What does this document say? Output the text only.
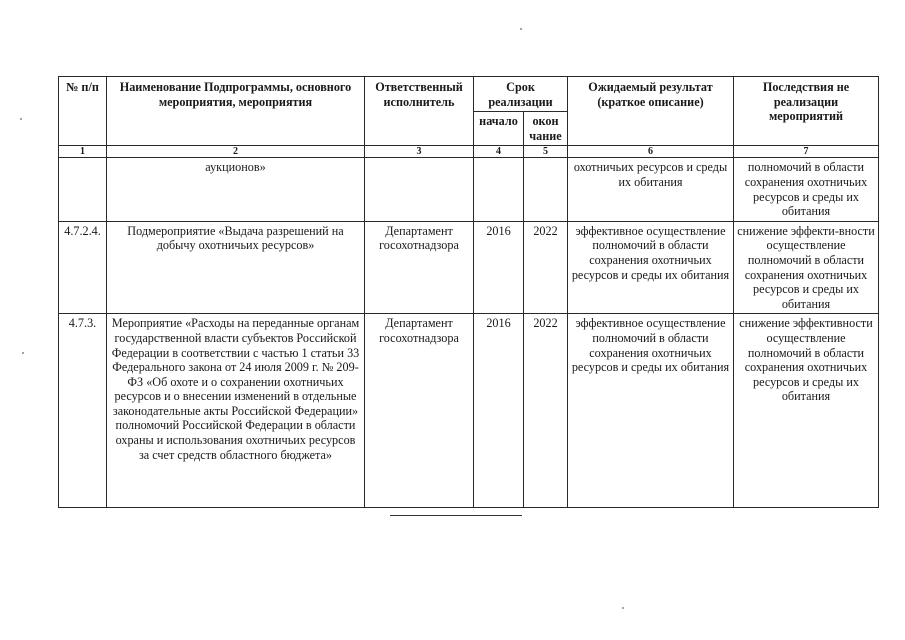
№ п/п	Наименование Подпрограммы, основного мероприятия, мероприятия	Ответственный исполнитель	Срок реализации		Ожидаемый результат (краткое описание)	Последствия не реализации мероприятий
			начало	окон чание		
1	2	3	4	5	6	7
	аукционов»				охотничьих ресурсов и среды их обитания	полномочий в области сохранения охотничьих ресурсов и среды их обитания
4.7.2.4.	Подмероприятие «Выдача разрешений на добычу охотничьих ресурсов»	Департамент госохотнадзора	2016	2022	эффективное осуществление полномочий в области сохранения охотничьих ресурсов и среды их обитания	снижение эффекти-вности осуществление полномочий в области сохранения охотничьих ресурсов и среды их обитания
4.7.3.	Мероприятие «Расходы на переданные органам государственной власти субъектов Российской Федерации в соответствии с частью 1 статьи 33 Федерального закона от 24 июля 2009 г. № 209-ФЗ «Об охоте и о сохранении охотничьих ресурсов и о внесении изменений в отдельные законодательные акты Российской Федерации» полномочий Российской Федерации в области охраны и использования охотничьих ресурсов за счет средств областного бюджета»	Департамент госохотнадзора	2016	2022	эффективное осуществление полномочий в области сохранения охотничьих ресурсов и среды их обитания	снижение эффективности осуществление полномочий в области сохранения охотничьих ресурсов и среды их обитания
